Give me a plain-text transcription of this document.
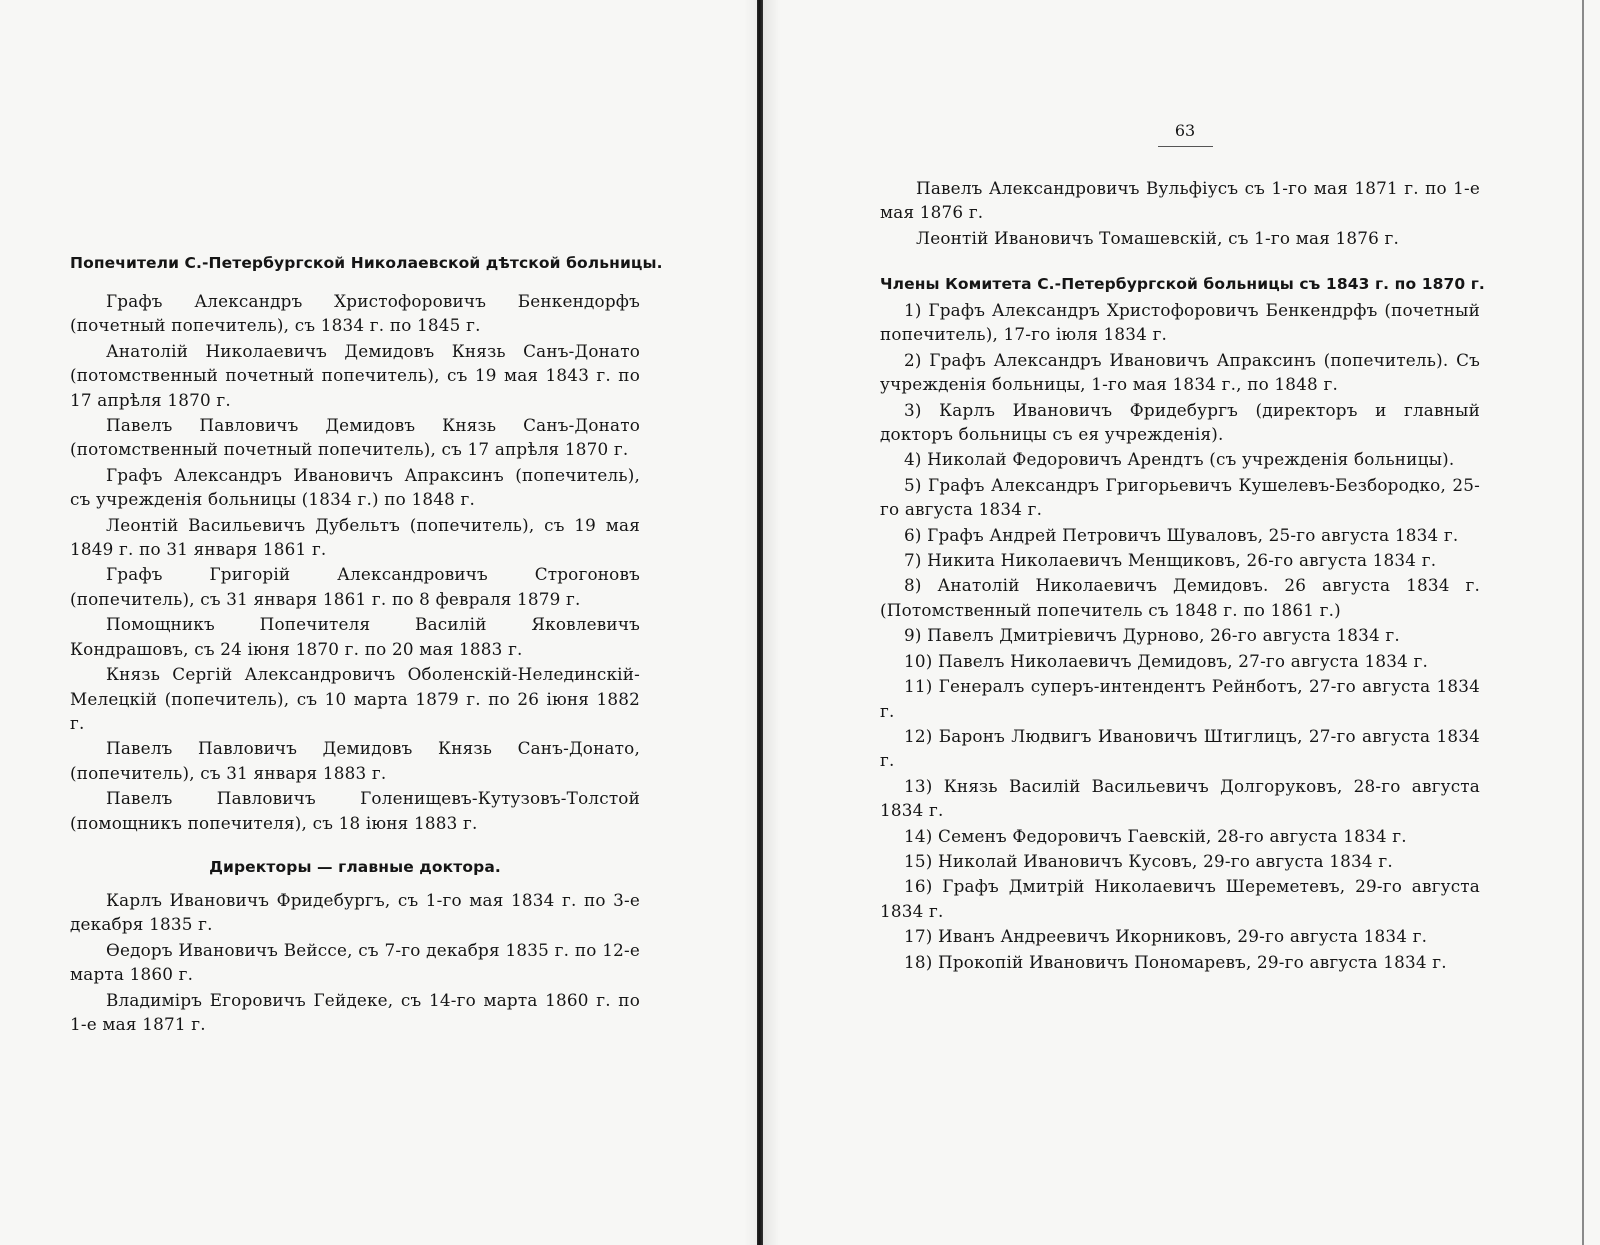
Попечители С.-Петербургской Николаевской дѣтской больницы.

Графъ Александръ Христофоровичъ Бенкендорфъ (почетный попечитель), съ 1834 г. по 1845 г.

Анатолій Николаевичъ Демидовъ Князь Санъ-Донато (потомственный почетный попечитель), съ 19 мая 1843 г. по 17 апрѣля 1870 г.

Павелъ Павловичъ Демидовъ Князь Санъ-Донато (потомственный почетный попечитель), съ 17 апрѣля 1870 г.

Графъ Александръ Ивановичъ Апраксинъ (попечитель), съ учрежденія больницы (1834 г.) по 1848 г.

Леонтій Васильевичъ Дубельтъ (попечитель), съ 19 мая 1849 г. по 31 января 1861 г.

Графъ Григорій Александровичъ Строгоновъ (попечитель), съ 31 января 1861 г. по 8 февраля 1879 г.

Помощникъ Попечителя Василій Яковлевичъ Кондрашовъ, съ 24 іюня 1870 г. по 20 мая 1883 г.

Князь Сергій Александровичъ Оболенскій-Нелединскій-Мелецкій (попечитель), съ 10 марта 1879 г. по 26 іюня 1882 г.

Павелъ Павловичъ Демидовъ Князь Санъ-Донато, (попечитель), съ 31 января 1883 г.

Павелъ Павловичъ Голенищевъ-Кутузовъ-Толстой (помощникъ попечителя), съ 18 іюня 1883 г.

Директоры — главные доктора.

Карлъ Ивановичъ Фридебургъ, съ 1-го мая 1834 г. по 3-е декабря 1835 г.

Ѳедоръ Ивановичъ Вейссе, съ 7-го декабря 1835 г. по 12-е марта 1860 г.

Владиміръ Егоровичъ Гейдеке, съ 14-го марта 1860 г. по 1-е мая 1871 г.

63

Павелъ Александровичъ Вульфіусъ съ 1-го мая 1871 г. по 1-е мая 1876 г.

Леонтій Ивановичъ Томашевскій, съ 1-го мая 1876 г.

Члены Комитета С.-Петербургской больницы съ 1843 г. по 1870 г.

1) Графъ Александръ Христофоровичъ Бенкендрфъ (почетный попечитель), 17-го іюля 1834 г.

2) Графъ Александръ Ивановичъ Апраксинъ (попечитель). Съ учрежденія больницы, 1-го мая 1834 г., по 1848 г.

3) Карлъ Ивановичъ Фридебургъ (директоръ и главный докторъ больницы съ ея учрежденія).

4) Николай Федоровичъ Арендтъ (съ учрежденія больницы).

5) Графъ Александръ Григорьевичъ Кушелевъ-Безбородко, 25-го августа 1834 г.

6) Графъ Андрей Петровичъ Шуваловъ, 25-го августа 1834 г.

7) Никита Николаевичъ Менщиковъ, 26-го августа 1834 г.

8) Анатолій Николаевичъ Демидовъ. 26 августа 1834 г. (Потомственный попечитель съ 1848 г. по 1861 г.)

9) Павелъ Дмитріевичъ Дурново, 26-го августа 1834 г.

10) Павелъ Николаевичъ Демидовъ, 27-го августа 1834 г.

11) Генералъ суперъ-интендентъ Рейнботъ, 27-го августа 1834 г.

12) Баронъ Людвигъ Ивановичъ Штиглицъ, 27-го августа 1834 г.

13) Князь Василій Васильевичъ Долгоруковъ, 28-го августа 1834 г.

14) Семенъ Федоровичъ Гаевскій, 28-го августа 1834 г.

15) Николай Ивановичъ Кусовъ, 29-го августа 1834 г.

16) Графъ Дмитрій Николаевичъ Шереметевъ, 29-го августа 1834 г.

17) Иванъ Андреевичъ Икорниковъ, 29-го августа 1834 г.

18) Прокопій Ивановичъ Пономаревъ, 29-го августа 1834 г.
